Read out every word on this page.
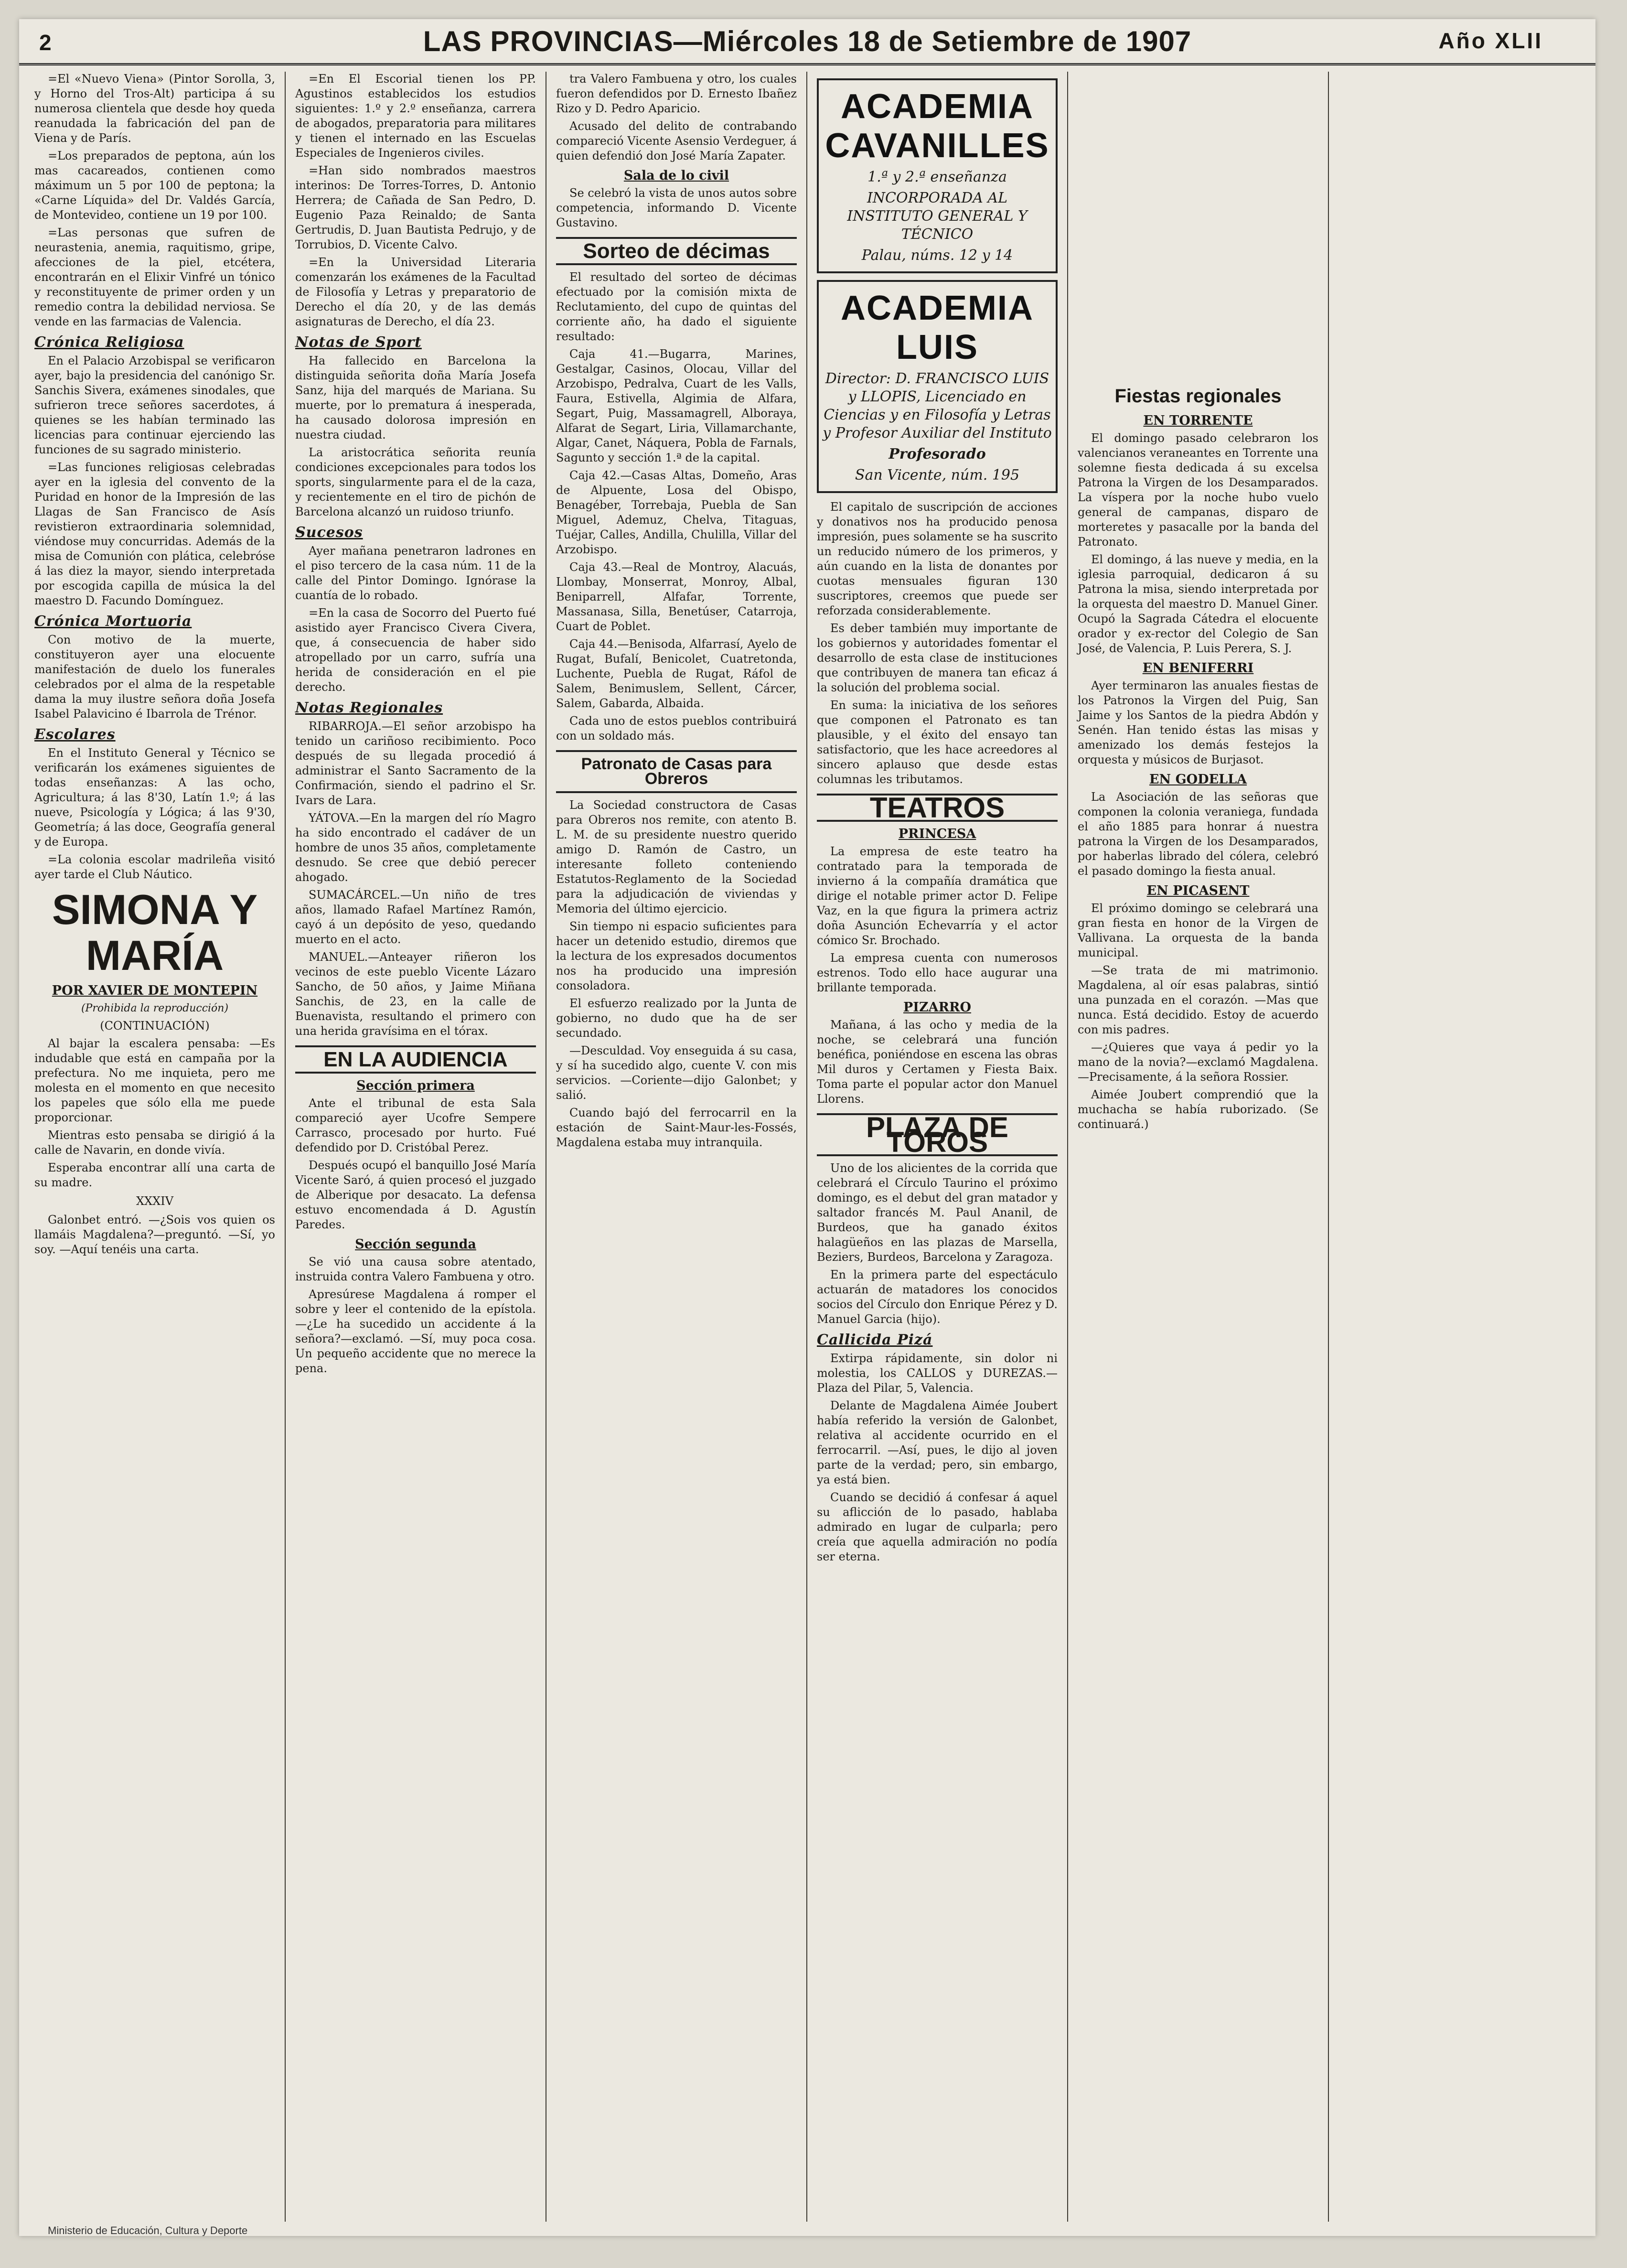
2	LAS PROVINCIAS—Miércoles 18 de Setiembre de 1907	Año XLII

=El «Nuevo Viena» (Pintor Sorolla, 3, y Horno del Tros-Alt) participa á su numerosa clientela que desde hoy queda reanudada la fabricación del pan de Viena y de París.

=Los preparados de peptona, aún los mas cacareados, contienen como máximum un 5 por 100 de peptona; la «Carne Líquida» del Dr. Valdés García, de Montevideo, contiene un 19 por 100.

=Las personas que sufren de neurastenia, anemia, raquitismo, gripe, afecciones de la piel, etcétera, encontrarán en el Elixir Vinfré un tónico y reconstituyente de primer orden y un remedio contra la debilidad nerviosa. Se vende en las farmacias de Valencia.

Crónica Religiosa

En el Palacio Arzobispal se verificaron ayer, bajo la presidencia del canónigo Sr. Sanchis Sivera, exámenes sinodales, que sufrieron trece señores sacerdotes, á quienes se les habían terminado las licencias para continuar ejerciendo las funciones de su sagrado ministerio.

=Las funciones religiosas celebradas ayer en la iglesia del convento de la Puridad en honor de la Impresión de las Llagas de San Francisco de Asís revistieron extraordinaria solemnidad, viéndose muy concurridas. Además de la misa de Comunión con plática, celebróse á las diez la mayor, siendo interpretada por escogida capilla de música la del maestro D. Facundo Domínguez.

Crónica Mortuoria

Con motivo de la muerte, constituyeron ayer una elocuente manifestación de duelo los funerales celebrados por el alma de la respetable dama la muy ilustre señora doña Josefa Isabel Palavicino é Ibarrola de Trénor.

Escolares

En el Instituto General y Técnico se verificarán los exámenes siguientes de todas enseñanzas: A las ocho, Agricultura; á las 8'30, Latín 1.º; á las nueve, Psicología y Lógica; á las 9'30, Geometría; á las doce, Geografía general y de Europa.

=La colonia escolar madrileña visitó ayer tarde el Club Náutico.

SIMONA Y MARÍA
POR XAVIER DE MONTEPIN
(Prohibida la reproducción)
(CONTINUACIÓN)

Al bajar la escalera pensaba: —Es indudable que está en campaña por la prefectura. No me inquieta, pero me molesta en el momento en que necesito los papeles que sólo ella me puede proporcionar.

Mientras esto pensaba se dirigió á la calle de Navarin, en donde vivía.

Esperaba encontrar allí una carta de su madre.

XXXIV

Galonbet entró. —¿Sois vos quien os llamáis Magdalena?—preguntó. —Sí, yo soy. —Aquí tenéis una carta.

=En El Escorial tienen los PP. Agustinos establecidos los estudios siguientes: 1.º y 2.º enseñanza, carrera de abogados, preparatoria para militares y tienen el internado en las Escuelas Especiales de Ingenieros civiles.

=Han sido nombrados maestros interinos: De Torres-Torres, D. Antonio Herrera; de Cañada de San Pedro, D. Eugenio Paza Reinaldo; de Santa Gertrudis, D. Juan Bautista Pedrujo, y de Torrubios, D. Vicente Calvo.

=En la Universidad Literaria comenzarán los exámenes de la Facultad de Filosofía y Letras y preparatorio de Derecho el día 20, y de las demás asignaturas de Derecho, el día 23.

Notas de Sport

Ha fallecido en Barcelona la distinguida señorita doña María Josefa Sanz, hija del marqués de Mariana. Su muerte, por lo prematura á inesperada, ha causado dolorosa impresión en nuestra ciudad.

La aristocrática señorita reunía condiciones excepcionales para todos los sports, singularmente para el de la caza, y recientemente en el tiro de pichón de Barcelona alcanzó un ruidoso triunfo.

Sucesos

Ayer mañana penetraron ladrones en el piso tercero de la casa núm. 11 de la calle del Pintor Domingo. Ignórase la cuantía de lo robado.

=En la casa de Socorro del Puerto fué asistido ayer Francisco Civera Civera, que, á consecuencia de haber sido atropellado por un carro, sufría una herida de consideración en el pie derecho.

Notas Regionales

RIBARROJA.—El señor arzobispo ha tenido un cariñoso recibimiento. Poco después de su llegada procedió á administrar el Santo Sacramento de la Confirmación, siendo el padrino el Sr. Ivars de Lara.

YÁTOVA.—En la margen del río Magro ha sido encontrado el cadáver de un hombre de unos 35 años, completamente desnudo. Se cree que debió perecer ahogado.

SUMACÁRCEL.—Un niño de tres años, llamado Rafael Martínez Ramón, cayó á un depósito de yeso, quedando muerto en el acto.

MANUEL.—Anteayer riñeron los vecinos de este pueblo Vicente Lázaro Sancho, de 50 años, y Jaime Miñana Sanchis, de 23, en la calle de Buenavista, resultando el primero con una herida gravísima en el tórax.

EN LA AUDIENCIA
Sección primera

Ante el tribunal de esta Sala compareció ayer Ucofre Sempere Carrasco, procesado por hurto. Fué defendido por D. Cristóbal Perez.

Después ocupó el banquillo José María Vicente Saró, á quien procesó el juzgado de Alberique por desacato. La defensa estuvo encomendada á D. Agustín Paredes.

Sección segunda

Se vió una causa sobre atentado, instruida contra Valero Fambuena y otro.

Apresúrese Magdalena á romper el sobre y leer el contenido de la epístola. —¿Le ha sucedido un accidente á la señora?—exclamó. —Sí, muy poca cosa. Un pequeño accidente que no merece la pena.

tra Valero Fambuena y otro, los cuales fueron defendidos por D. Ernesto Ibañez Rizo y D. Pedro Aparicio.

Acusado del delito de contrabando compareció Vicente Asensio Verdeguer, á quien defendió don José María Zapater.

Sala de lo civil

Se celebró la vista de unos autos sobre competencia, informando D. Vicente Gustavino.

Sorteo de décimas

El resultado del sorteo de décimas efectuado por la comisión mixta de Reclutamiento, del cupo de quintas del corriente año, ha dado el siguiente resultado:

Caja 41.—Bugarra, Marines, Gestalgar, Casinos, Olocau, Villar del Arzobispo, Pedralva, Cuart de les Valls, Faura, Estivella, Algimia de Alfara, Segart, Puig, Massamagrell, Alboraya, Alfarat de Segart, Liria, Villamarchante, Algar, Canet, Náquera, Pobla de Farnals, Sagunto y sección 1.ª de la capital.

Caja 42.—Casas Altas, Domeño, Aras de Alpuente, Losa del Obispo, Benagéber, Torrebaja, Puebla de San Miguel, Ademuz, Chelva, Titaguas, Tuéjar, Calles, Andilla, Chulilla, Villar del Arzobispo.

Caja 43.—Real de Montroy, Alacuás, Llombay, Monserrat, Monroy, Albal, Beniparrell, Alfafar, Torrente, Massanasa, Silla, Benetúser, Catarroja, Cuart de Poblet.

Caja 44.—Benisoda, Alfarrasí, Ayelo de Rugat, Bufalí, Benicolet, Cuatretonda, Luchente, Puebla de Rugat, Ráfol de Salem, Benimuslem, Sellent, Cárcer, Salem, Gabarda, Albaida.

Cada uno de estos pueblos contribuirá con un soldado más.

Patronato de Casas para Obreros

La Sociedad constructora de Casas para Obreros nos remite, con atento B. L. M. de su presidente nuestro querido amigo D. Ramón de Castro, un interesante folleto conteniendo Estatutos-Reglamento de la Sociedad para la adjudicación de viviendas y Memoria del último ejercicio.

Sin tiempo ni espacio suficientes para hacer un detenido estudio, diremos que la lectura de los expresados documentos nos ha producido una impresión consoladora.

El esfuerzo realizado por la Junta de gobierno, no dudo que ha de ser secundado.

—Desculdad. Voy enseguida á su casa, y sí ha sucedido algo, cuente V. con mis servicios. —Coriente—dijo Galonbet; y salió.

Cuando bajó del ferrocarril en la estación de Saint-Maur-les-Fossés, Magdalena estaba muy intranquila.

ACADEMIA CAVANILLES
1.ª y 2.ª enseñanza
INCORPORADA AL INSTITUTO GENERAL Y TÉCNICO
Palau, núms. 12 y 14
ACADEMIA LUIS
Director: D. FRANCISCO LUIS y LLOPIS, Licenciado en Ciencias y en Filosofía y Letras y Profesor Auxiliar del Instituto
Profesorado
San Vicente, núm. 195

El capitalo de suscripción de acciones y donativos nos ha producido penosa impresión, pues solamente se ha suscrito un reducido número de los primeros, y aún cuando en la lista de donantes por cuotas mensuales figuran 130 suscriptores, creemos que puede ser reforzada considerablemente.

Es deber también muy importante de los gobiernos y autoridades fomentar el desarrollo de esta clase de instituciones que contribuyen de manera tan eficaz á la solución del problema social.

En suma: la iniciativa de los señores que componen el Patronato es tan plausible, y el éxito del ensayo tan satisfactorio, que les hace acreedores al sincero aplauso que desde estas columnas les tributamos.

TEATROS
PRINCESA

La empresa de este teatro ha contratado para la temporada de invierno á la compañía dramática que dirige el notable primer actor D. Felipe Vaz, en la que figura la primera actriz doña Asunción Echevarría y el actor cómico Sr. Brochado.

La empresa cuenta con numerosos estrenos. Todo ello hace augurar una brillante temporada.

PIZARRO

Mañana, á las ocho y media de la noche, se celebrará una función benéfica, poniéndose en escena las obras Mil duros y Certamen y Fiesta Baix. Toma parte el popular actor don Manuel Llorens.

PLAZA DE TOROS

Uno de los alicientes de la corrida que celebrará el Círculo Taurino el próximo domingo, es el debut del gran matador y saltador francés M. Paul Ananil, de Burdeos, que ha ganado éxitos halagüeños en las plazas de Marsella, Beziers, Burdeos, Barcelona y Zaragoza.

En la primera parte del espectáculo actuarán de matadores los conocidos socios del Círculo don Enrique Pérez y D. Manuel Garcia (hijo).

Callicida Pizá

Extirpa rápidamente, sin dolor ni molestia, los CALLOS y DUREZAS.—Plaza del Pilar, 5, Valencia.

Delante de Magdalena Aimée Joubert había referido la versión de Galonbet, relativa al accidente ocurrido en el ferrocarril. —Así, pues, le dijo al joven parte de la verdad; pero, sin embargo, ya está bien.

Cuando se decidió á confesar á aquel su aflicción de lo pasado, hablaba admirado en lugar de culparla; pero creía que aquella admiración no podía ser eterna.

Fiestas regionales
EN TORRENTE

El domingo pasado celebraron los valencianos veraneantes en Torrente una solemne fiesta dedicada á su excelsa Patrona la Virgen de los Desamparados. La víspera por la noche hubo vuelo general de campanas, disparo de morteretes y pasacalle por la banda del Patronato.

El domingo, á las nueve y media, en la iglesia parroquial, dedicaron á su Patrona la misa, siendo interpretada por la orquesta del maestro D. Manuel Giner. Ocupó la Sagrada Cátedra el elocuente orador y ex-rector del Colegio de San José, de Valencia, P. Luis Perera, S. J.

EN BENIFERRI

Ayer terminaron las anuales fiestas de los Patronos la Virgen del Puig, San Jaime y los Santos de la piedra Abdón y Senén. Han tenido éstas las misas y amenizado los demás festejos la orquesta y músicos de Burjasot.

EN GODELLA

La Asociación de las señoras que componen la colonia veraniega, fundada el año 1885 para honrar á nuestra patrona la Virgen de los Desamparados, por haberlas librado del cólera, celebró el pasado domingo la fiesta anual.

EN PICASENT

El próximo domingo se celebrará una gran fiesta en honor de la Virgen de Vallivana. La orquesta de la banda municipal.

—Se trata de mi matrimonio. Magdalena, al oír esas palabras, sintió una punzada en el corazón. —Mas que nunca. Está decidido. Estoy de acuerdo con mis padres.

—¿Quieres que vaya á pedir yo la mano de la novia?—exclamó Magdalena. —Precisamente, á la señora Rossier.

Aimée Joubert comprendió que la muchacha se había ruborizado. (Se continuará.)

Ministerio de Educación, Cultura y Deporte
